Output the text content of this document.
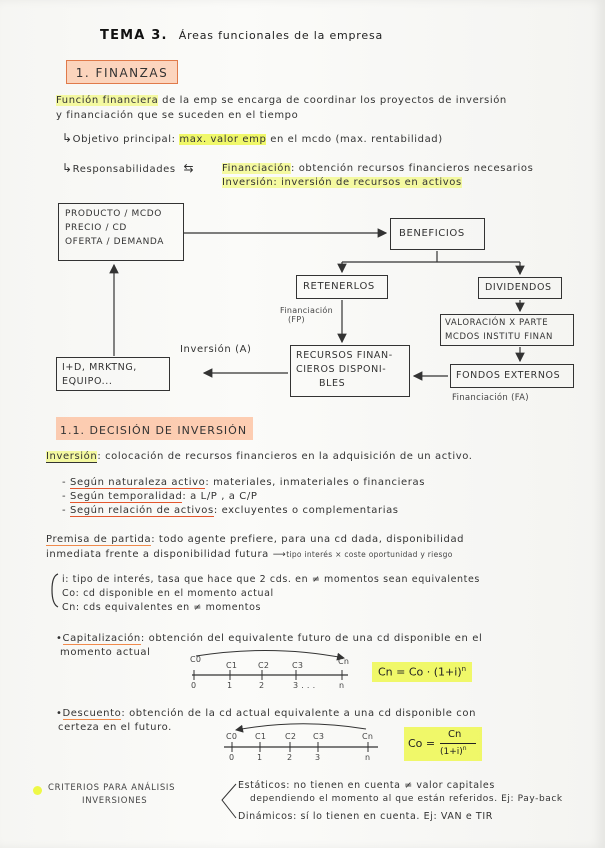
TEMA 3. Áreas funcionales de la empresa
1. FINANZAS
Función financiera de la emp se encarga de coordinar los proyectos de inversión
y financiación que se suceden en el tiempo
↳Objetivo principal: max. valor emp en el mcdo (max. rentabilidad)
↳Responsabilidades ⇆	Financiación: obtención recursos financieros necesarios
Inversión: inversión de recursos en activos
PRODUCTO / MCDO
PRECIO / CD
OFERTA / DEMANDA
BENEFICIOS
RETENERLOS	DIVIDENDOS
Financiación
(FP)	VALORACIÓN X PARTE
MCDOS INSTITU FINAN
Inversión (A)
RECURSOS FINAN-
CIEROS DISPONI-
BLES
I+D, MRKTNG,
EQUIPO...
FONDOS EXTERNOS
Financiación (FA)
1.1. DECISIÓN DE INVERSIÓN
Inversión: colocación de recursos financieros en la adquisición de un activo.
- Según naturaleza activo: materiales, inmateriales o financieras
- Según temporalidad: a L/P , a C/P
- Según relación de activos: excluyentes o complementarias
Premisa de partida: todo agente prefiere, para una cd dada, disponibilidad
inmediata frente a disponibilidad futura ⟶tipo interés × coste oportunidad y riesgo
i: tipo de interés, tasa que hace que 2 cds. en ≠ momentos sean equivalentes
Co: cd disponible en el momento actual
Cn: cds equivalentes en ≠ momentos
•Capitalización: obtención del equivalente futuro de una cd disponible en el
momento actual
C0
C1	C2	C3	Cn
0	1	2	3 . . .	n
$Cn = Co \cdot (1+i)^n$
•Descuento: obtención de la cd actual equivalente a una cd disponible con
certeza en el futuro.
C0 C1 C2 C3	Cn
0	1	2	3	n
Co =
Cn
$(1+i)^n$
CRITERIOS PARA ANÁLISIS
INVERSIONES
Estáticos: no tienen en cuenta ≠ valor capitales
dependiendo el momento al que están referidos. Ej: Pay-back
Dinámicos: sí lo tienen en cuenta. Ej: VAN e TIR
